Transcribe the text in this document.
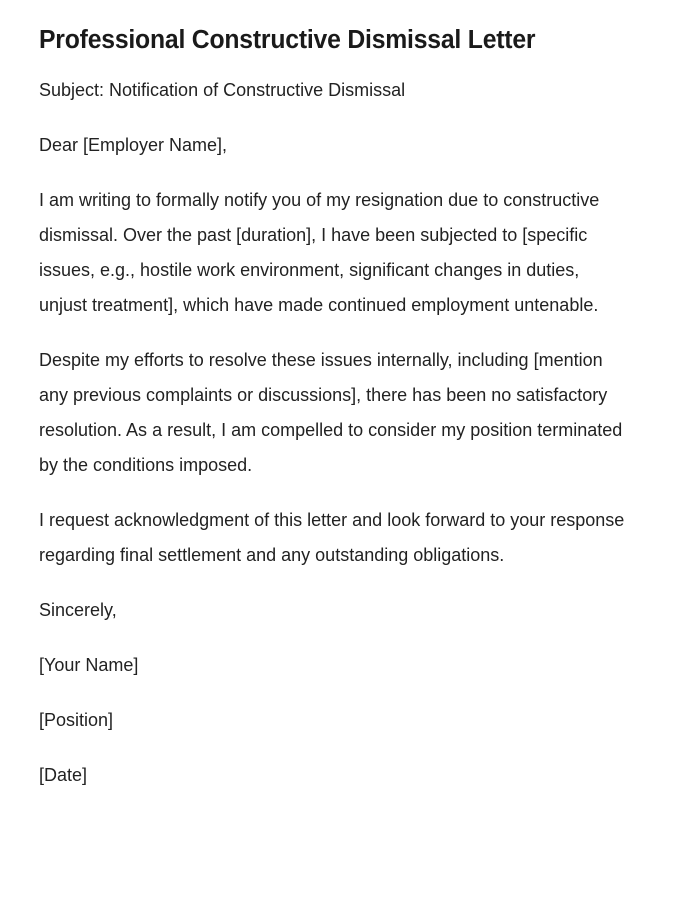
Professional Constructive Dismissal Letter

Subject: Notification of Constructive Dismissal

Dear [Employer Name],

I am writing to formally notify you of my resignation due to constructive dismissal. Over the past [duration], I have been subjected to [specific issues, e.g., hostile work environment, significant changes in duties, unjust treatment], which have made continued employment untenable.

Despite my efforts to resolve these issues internally, including [mention any previous complaints or discussions], there has been no satisfactory resolution. As a result, I am compelled to consider my position terminated by the conditions imposed.

I request acknowledgment of this letter and look forward to your response regarding final settlement and any outstanding obligations.

Sincerely,

[Your Name]

[Position]

[Date]
